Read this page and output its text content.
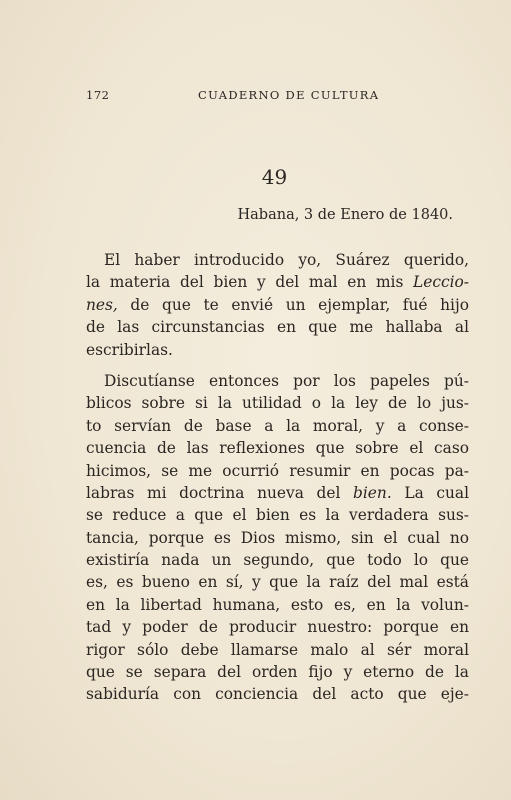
172	CUADERNO DE CULTURA
49
Habana, 3 de Enero de 1840.
El haber introducido yo, Suárez querido,
la materia del bien y del mal en mis Leccio-
nes, de que te envié un ejemplar, fué hijo
de las circunstancias en que me hallaba al
escribirlas.
Discutíanse entonces por los papeles pú-
blicos sobre si la utilidad o la ley de lo jus-
to servían de base a la moral, y a conse-
cuencia de las reflexiones que sobre el caso
hicimos, se me ocurrió resumir en pocas pa-
labras mi doctrina nueva del bien. La cual
se reduce a que el bien es la verdadera sus-
tancia, porque es Dios mismo, sin el cual no
existiría nada un segundo, que todo lo que
es, es bueno en sí, y que la raíz del mal está
en la libertad humana, esto es, en la volun-
tad y poder de producir nuestro: porque en
rigor sólo debe llamarse malo al sér moral
que se separa del orden fijo y eterno de la
sabiduría con conciencia del acto que eje-
